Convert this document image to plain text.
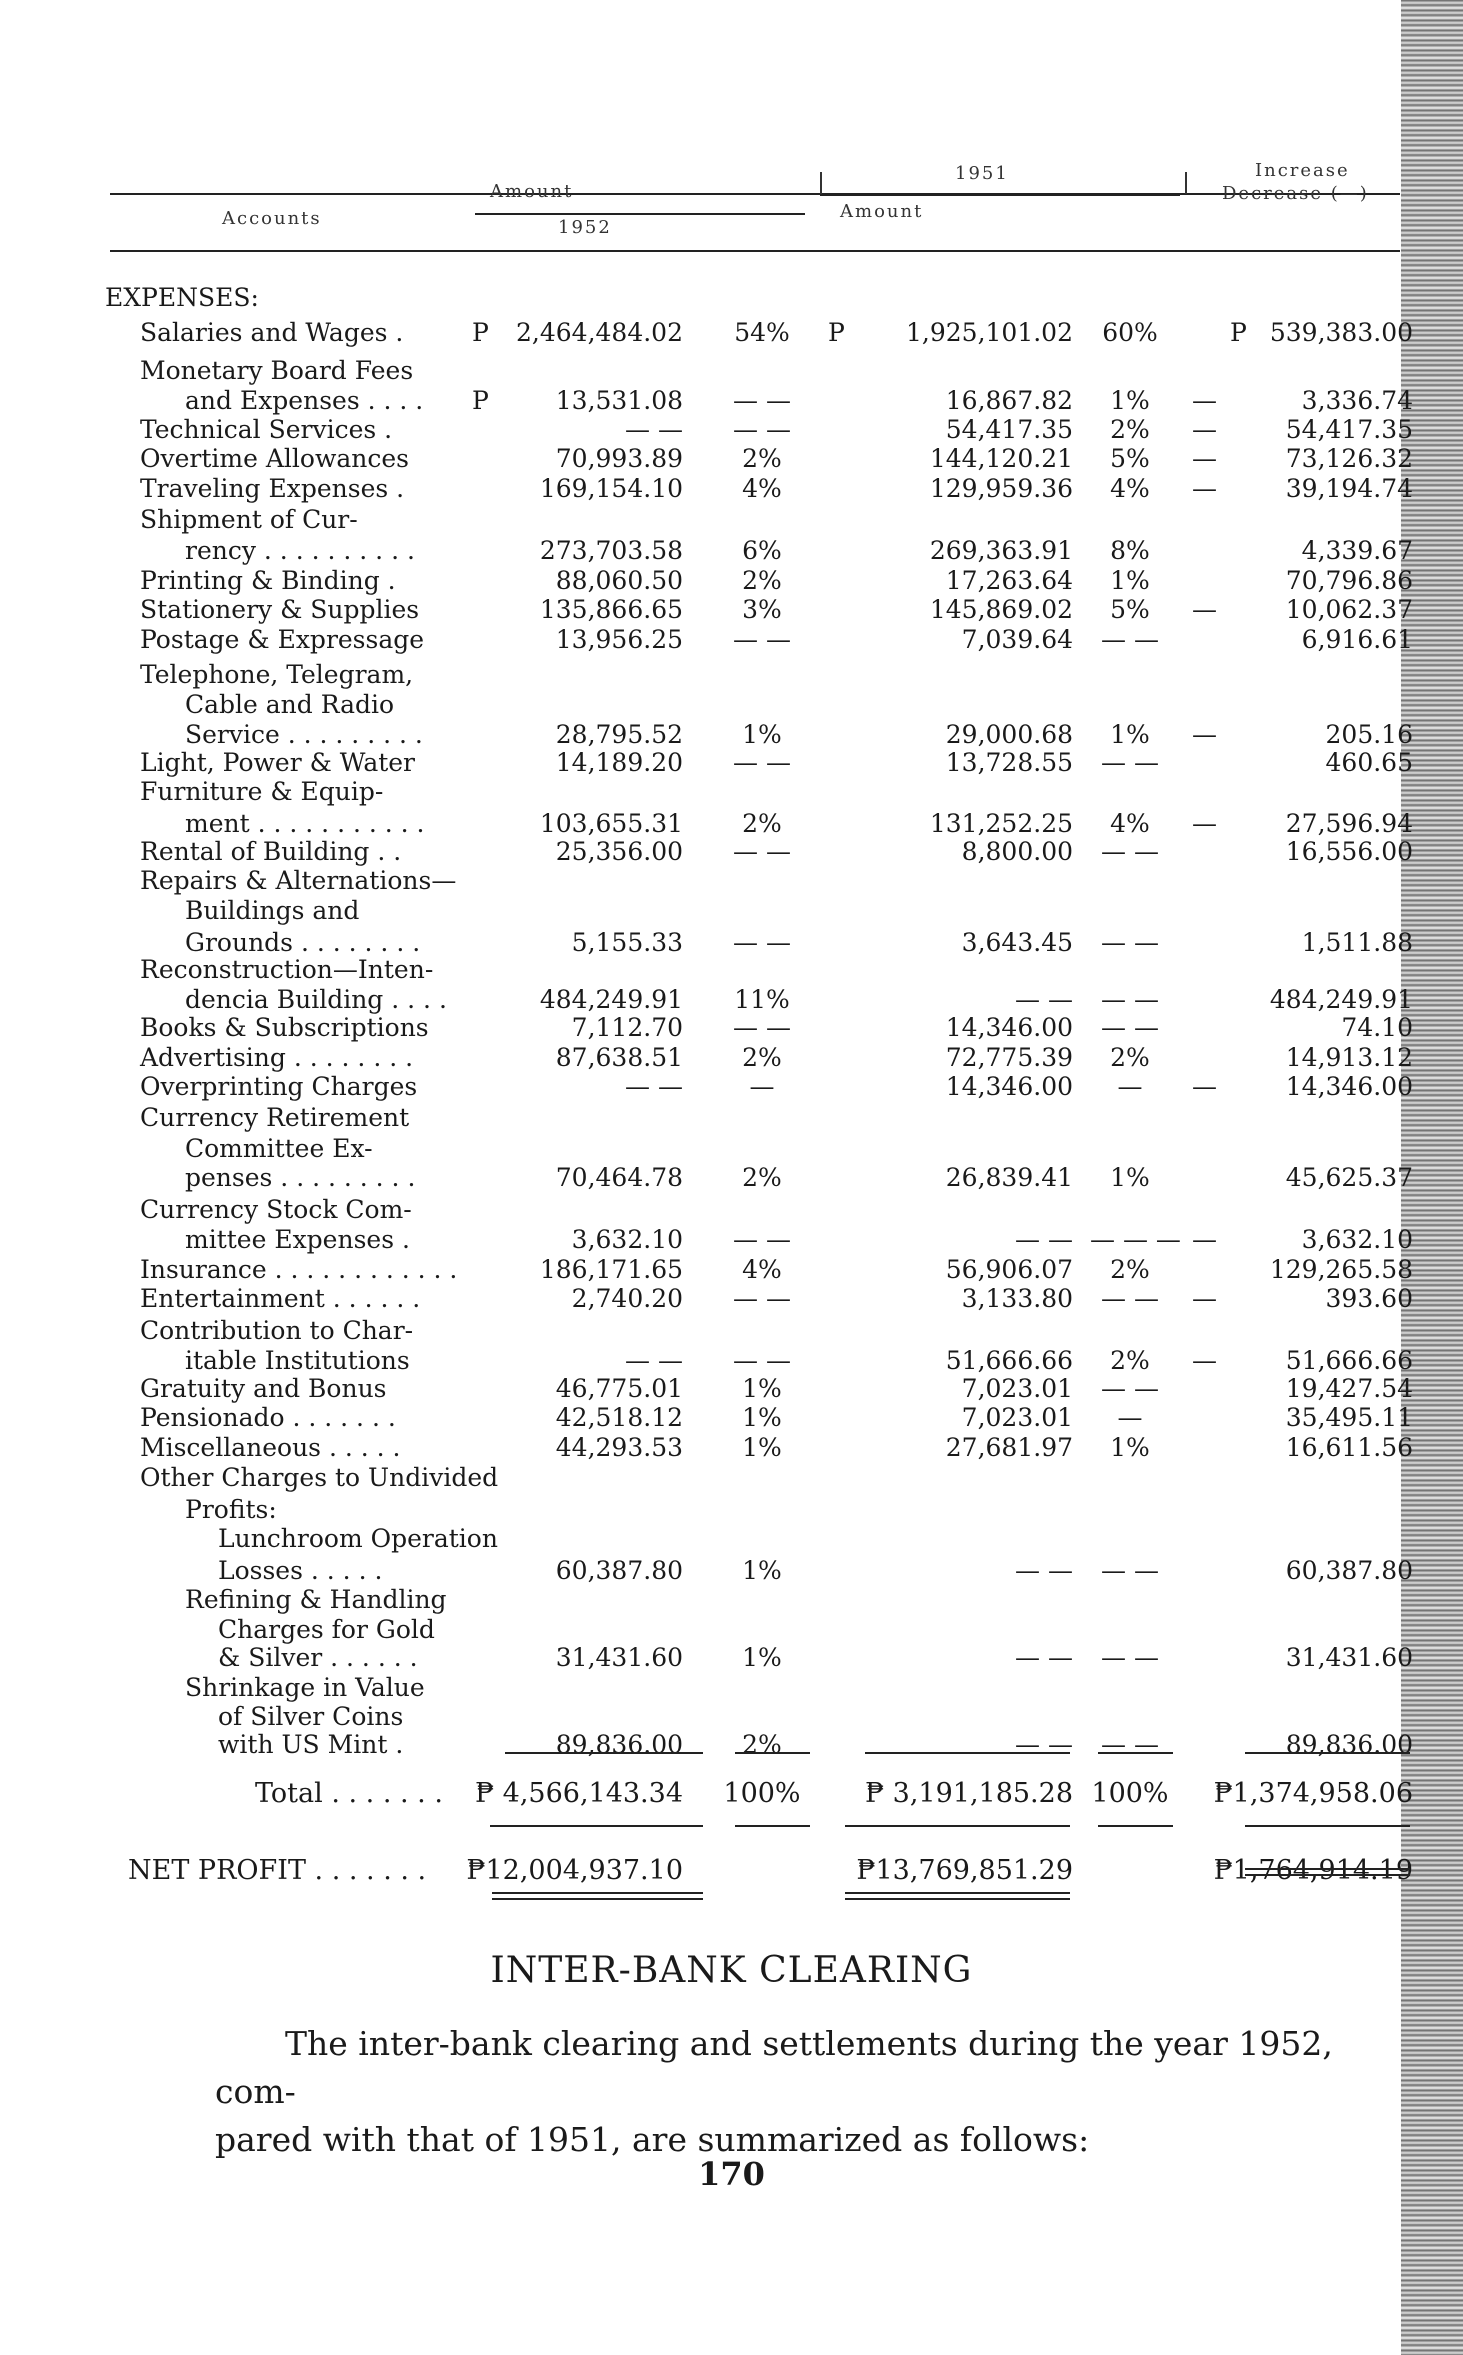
Accounts
Amount
1952
1951
Amount
Increase
Decrease (—)
EXPENSES:
Salaries and Wages .	P 2,464,484.02	54%	P 1,925,101.02	60%	P 539,383.00
Monetary Board Fees
and Expenses . . . . P	13,531.08	— —	16,867.82	1%	—	3,336.74
Technical Services .	— —	— —	54,417.35	2%	—	54,417.35
Overtime Allowances	70,993.89	2%	144,120.21	5%	—	73,126.32
Traveling Expenses .	169,154.10	4%	129,959.36	4%	—	39,194.74
Shipment of Cur-
rency . . . . . . . . . .	273,703.58	6%	269,363.91	8%	4,339.67
Printing & Binding .	88,060.50	2%	17,263.64	1%	70,796.86
Stationery & Supplies	135,866.65	3%	145,869.02	5%	—	10,062.37
Postage & Expressage	13,956.25	— —	7,039.64	— —	6,916.61
Telephone, Telegram,
Cable and Radio
Service . . . . . . . . .	28,795.52	1%	29,000.68	1%	—	205.16
Light, Power & Water	14,189.20	— —	13,728.55	— —	460.65
Furniture & Equip-
ment . . . . . . . . . . .	103,655.31	2%	131,252.25	4%	—	27,596.94
Rental of Building . .	25,356.00	— —	8,800.00	— —	16,556.00
Repairs & Alternations—
Buildings and
Grounds . . . . . . . .	5,155.33	— —	3,643.45	— —	1,511.88
Reconstruction—Inten-
dencia Building . . . .	484,249.91	11%	— —	— —	484,249.91
Books & Subscriptions	7,112.70	— —	14,346.00	— —	74.10
Advertising . . . . . . . .	87,638.51	2%	72,775.39	2%	14,913.12
Overprinting Charges	— —	—	14,346.00	—	—	14,346.00
Currency Retirement
Committee Ex-
penses . . . . . . . . .	70,464.78	2%	26,839.41	1%	45,625.37
Currency Stock Com-
mittee Expenses .	3,632.10	— —	— — — — — —	3,632.10
Insurance . . . . . . . . . . . .	186,171.65	4%	56,906.07	2%	129,265.58
Entertainment . . . . . .	2,740.20	— —	3,133.80	— —	—	393.60
Contribution to Char-
itable Institutions	— —	— —	51,666.66	2%	—	51,666.66
Gratuity and Bonus	46,775.01	1%	7,023.01	— —	19,427.54
Pensionado . . . . . . .	42,518.12	1%	7,023.01	—	35,495.11
Miscellaneous . . . . .	44,293.53	1%	27,681.97	1%	16,611.56
Other Charges to Undivided
Profits:
Lunchroom Operation
Losses . . . . .	60,387.80	1%	— —	— —	60,387.80
Refining & Handling
Charges for Gold
& Silver . . . . . .	31,431.60	1%	— —	— —	31,431.60
Shrinkage in Value
of Silver Coins
with US Mint .	89,836.00	2%	— —	— —	89,836.00
Total . . . . . . . ₱ 4,566,143.34 100% ₱ 3,191,185.28 100% ₱1,374,958.06
NET PROFIT . . . . . . . ₱12,004,937.10	₱13,769,851.29	₱1,764,914.19
INTER-BANK CLEARING
The inter-bank clearing and settlements during the year 1952, com-
pared with that of 1951, are summarized as follows:
170
